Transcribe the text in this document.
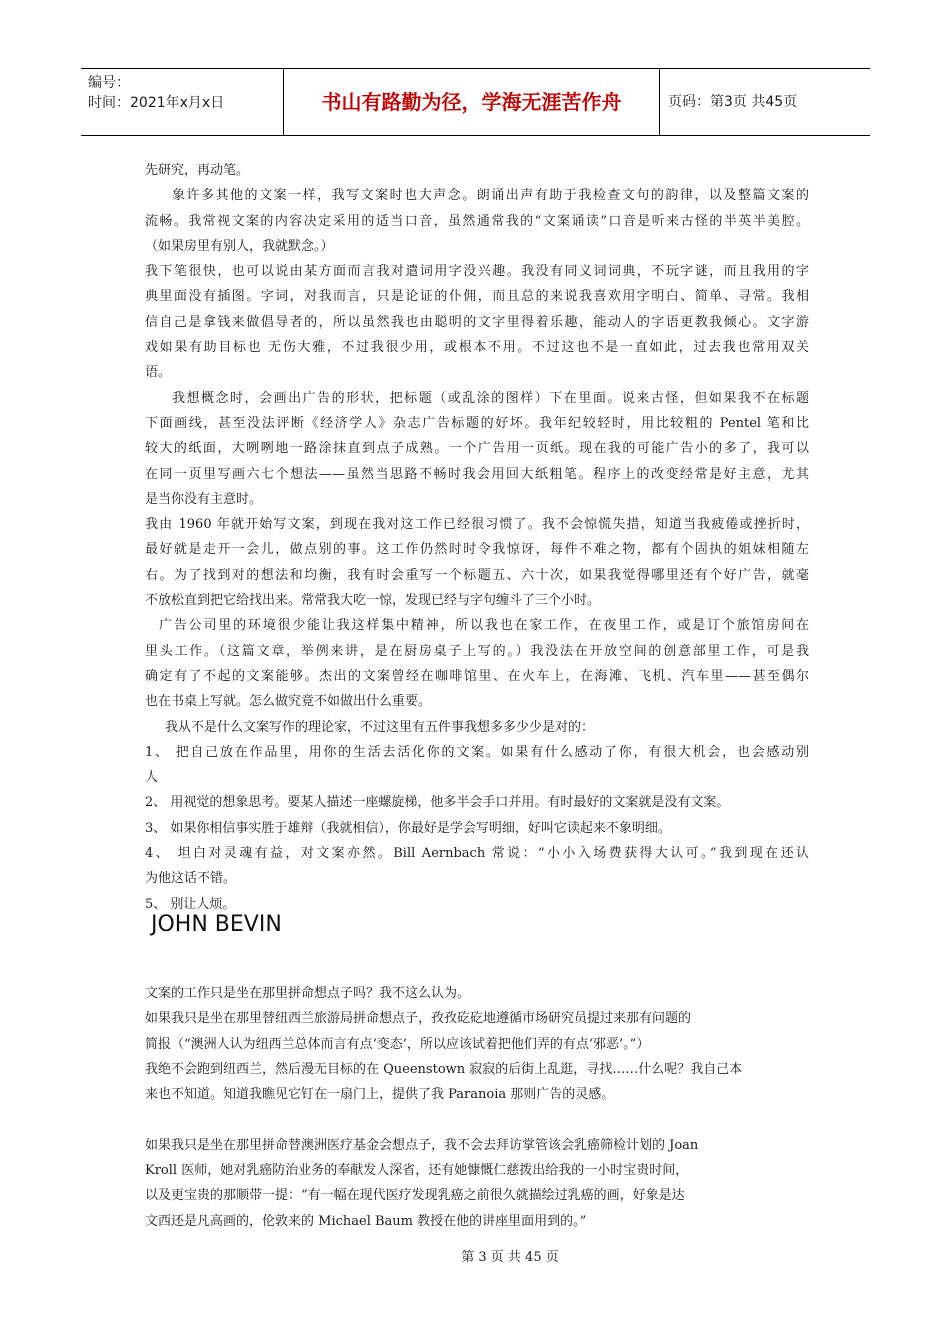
编号：
时间：2021年x月x日	书山有路勤为径，学海无涯苦作舟	页码：第3页 共45页

先研究，再动笔。

象许多其他的文案一样，我写文案时也大声念。朗诵出声有助于我检查文句的韵律，以及整篇文案的

流畅。我常视文案的内容决定采用的适当口音，虽然通常我的“文案诵读”口音是听来古怪的半英半美腔。

（如果房里有别人，我就默念。）

我下笔很快，也可以说由某方面而言我对遣词用字没兴趣。我没有同义词词典，不玩字谜，而且我用的字

典里面没有插图。字词，对我而言，只是论证的仆佣，而且总的来说我喜欢用字明白、简单、寻常。我相

信自己是拿钱来做倡导者的，所以虽然我也由聪明的文字里得着乐趣，能动人的字语更教我倾心。文字游

戏如果有助目标也 无伤大雅，不过我很少用，或根本不用。不过这也不是一直如此，过去我也常用双关

语。

我想概念时，会画出广告的形状，把标题（或乱涂的图样）下在里面。说来古怪，但如果我不在标题

下面画线，甚至没法评断《经济学人》杂志广告标题的好坏。我年纪较轻时，用比较粗的 Pentel 笔和比

较大的纸面，大咧咧地一路涂抹直到点子成熟。一个广告用一页纸。现在我的可能广告小的多了，我可以

在同一页里写画六七个想法——虽然当思路不畅时我会用回大纸粗笔。程序上的改变经常是好主意，尤其

是当你没有主意时。

我由 1960 年就开始写文案，到现在我对这工作已经很习惯了。我不会惊慌失措，知道当我疲倦或挫折时，

最好就是走开一会儿，做点别的事。这工作仍然时时令我惊讶，每件不难之物，都有个固执的姐妹相随左

右。为了找到对的想法和均衡，我有时会重写一个标题五、六十次，如果我觉得哪里还有个好广告，就毫

不放松直到把它给找出来。常常我大吃一惊，发现已经与字句缠斗了三个小时。

广告公司里的环境很少能让我这样集中精神，所以我也在家工作，在夜里工作，或是订个旅馆房间在

里头工作。（这篇文章，举例来讲，是在厨房桌子上写的。）我没法在开放空间的创意部里工作，可是我

确定有了不起的文案能够。杰出的文案曾经在咖啡馆里、在火车上，在海滩、飞机、汽车里——甚至偶尔

也在书桌上写就。怎么做究竟不如做出什么重要。

我从不是什么文案写作的理论家，不过这里有五件事我想多多少少是对的：

1、 把自己放在作品里，用你的生活去活化你的文案。如果有什么感动了你，有很大机会，也会感动别

人

2、 用视觉的想象思考。要某人描述一座螺旋梯，他多半会手口并用。有时最好的文案就是没有文案。

3、 如果你相信事实胜于雄辩（我就相信），你最好是学会写明细，好叫它读起来不象明细。

4、 坦白对灵魂有益，对文案亦然。Bill Aernbach 常说：“小小入场费获得大认可。”我到现在还认

为他这话不错。

5、 别让人烦。

JOHN BEVIN

文案的工作只是坐在那里拼命想点子吗？我不这么认为。

如果我只是坐在那里替纽西兰旅游局拼命想点子，孜孜矻矻地遵循市场研究员提过来那有问题的

简报（“澳洲人认为纽西兰总体而言有点‘变态’，所以应该试着把他们弄的有点‘邪恶’。”）

我绝不会跑到纽西兰，然后漫无目标的在 Queenstown 寂寂的后街上乱逛，寻找……什么呢？我自己本

来也不知道。知道我瞧见它钉在一扇门上，提供了我 Paranoia 那则广告的灵感。

如果我只是坐在那里拼命替澳洲医疗基金会想点子，我不会去拜访掌管该会乳癌筛检计划的 Joan

Kroll 医师，她对乳癌防治业务的奉献发人深省，还有她慷慨仁慈拨出给我的一小时宝贵时间，

以及更宝贵的那顺带一提：“有一幅在现代医疗发现乳癌之前很久就描绘过乳癌的画，好象是达

文西还是凡高画的，伦敦来的 Michael Baum 教授在他的讲座里面用到的。”

第 3 页 共 45 页
